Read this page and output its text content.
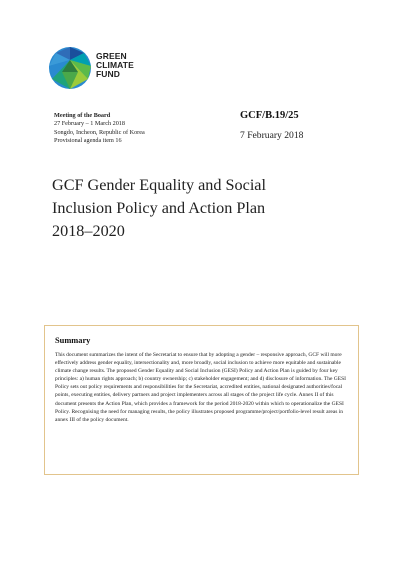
GREEN
CLIMATE
FUND
Meeting of the Board
27 February – 1 March 2018
Songdo, Incheon, Republic of Korea
Provisional agenda item 16
GCF/B.19/25
7 February 2018
GCF Gender Equality and Social
Inclusion Policy and Action Plan
2018–2020
Summary

This document summarizes the intent of the Secretariat to ensure that by adopting a gender – responsive approach, GCF will more effectively address gender equality, intersectionality and, more broadly, social inclusion to achieve more equitable and sustainable climate change results. The proposed Gender Equality and Social Inclusion (GESI) Policy and Action Plan is guided by four key principles: a) human rights approach; b) country ownership; c) stakeholder engagement; and d) disclosure of information. The GESI Policy sets out policy requirements and responsibilities for the Secretariat, accredited entities, national designated authorities/focal points, executing entities, delivery partners and project implementers across all stages of the project life cycle. Annex II of this document presents the Action Plan, which provides a framework for the period 2018-2020 within which to operationalize the GESI Policy. Recognising the need for managing results, the policy illustrates proposed programme/project/portfolio-level result areas in annex III of the policy document.
